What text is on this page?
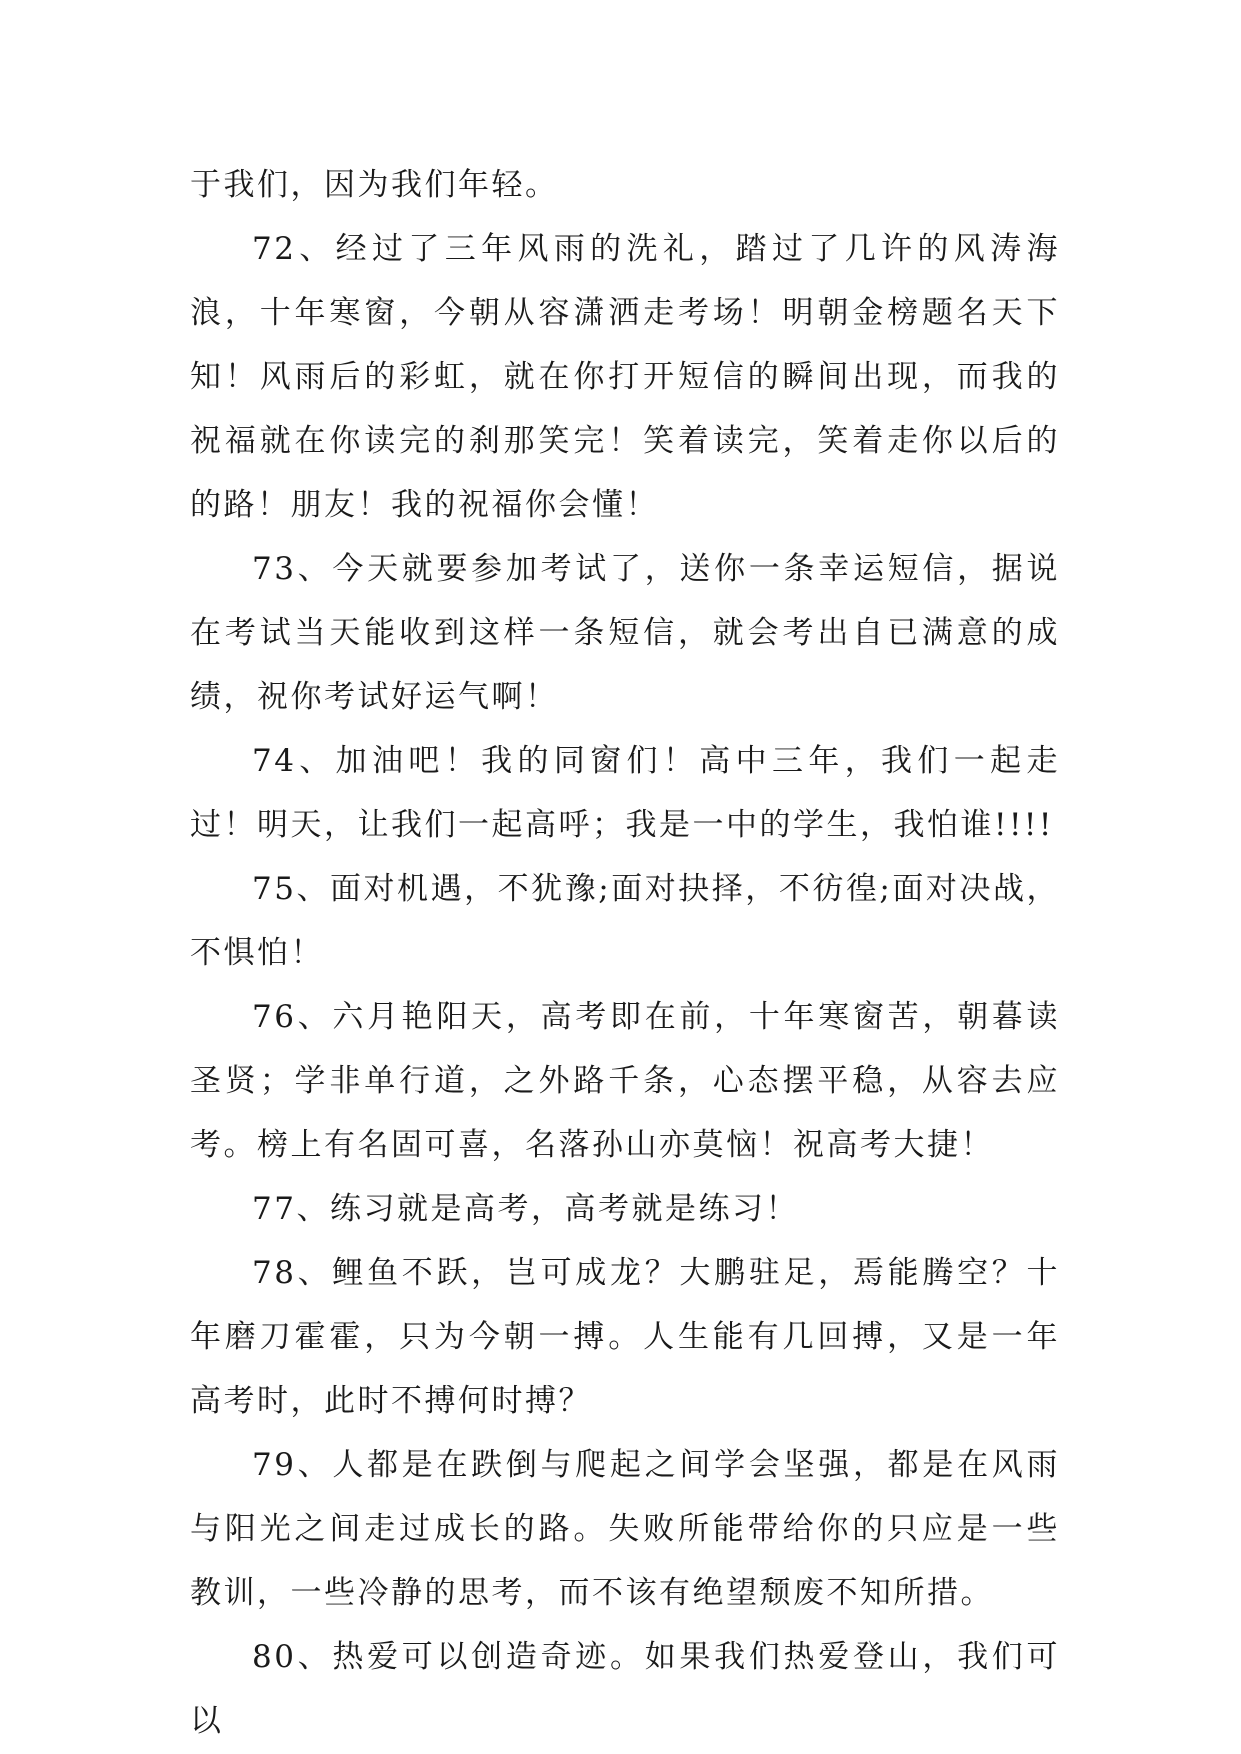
于我们，因为我们年轻。

72、经过了三年风雨的洗礼，踏过了几许的风涛海浪，十年寒窗，今朝从容潇洒走考场！明朝金榜题名天下知！风雨后的彩虹，就在你打开短信的瞬间出现，而我的祝福就在你读完的刹那笑完！笑着读完，笑着走你以后的的路！朋友！我的祝福你会懂！

73、今天就要参加考试了，送你一条幸运短信，据说在考试当天能收到这样一条短信，就会考出自已满意的成绩，祝你考试好运气啊！

74、加油吧！我的同窗们！高中三年，我们一起走过！明天，让我们一起高呼；我是一中的学生，我怕谁!!!!

75、面对机遇，不犹豫;面对抉择，不彷徨;面对决战，不惧怕！

76、六月艳阳天，高考即在前，十年寒窗苦，朝暮读圣贤；学非单行道，之外路千条，心态摆平稳，从容去应考。榜上有名固可喜，名落孙山亦莫恼！祝高考大捷！

77、练习就是高考，高考就是练习！

78、鲤鱼不跃，岂可成龙？大鹏驻足，焉能腾空？十年磨刀霍霍，只为今朝一搏。人生能有几回搏，又是一年高考时，此时不搏何时搏？

79、人都是在跌倒与爬起之间学会坚强，都是在风雨与阳光之间走过成长的路。失败所能带给你的只应是一些教训，一些冷静的思考，而不该有绝望颓废不知所措。

80、热爱可以创造奇迹。如果我们热爱登山，我们可以
